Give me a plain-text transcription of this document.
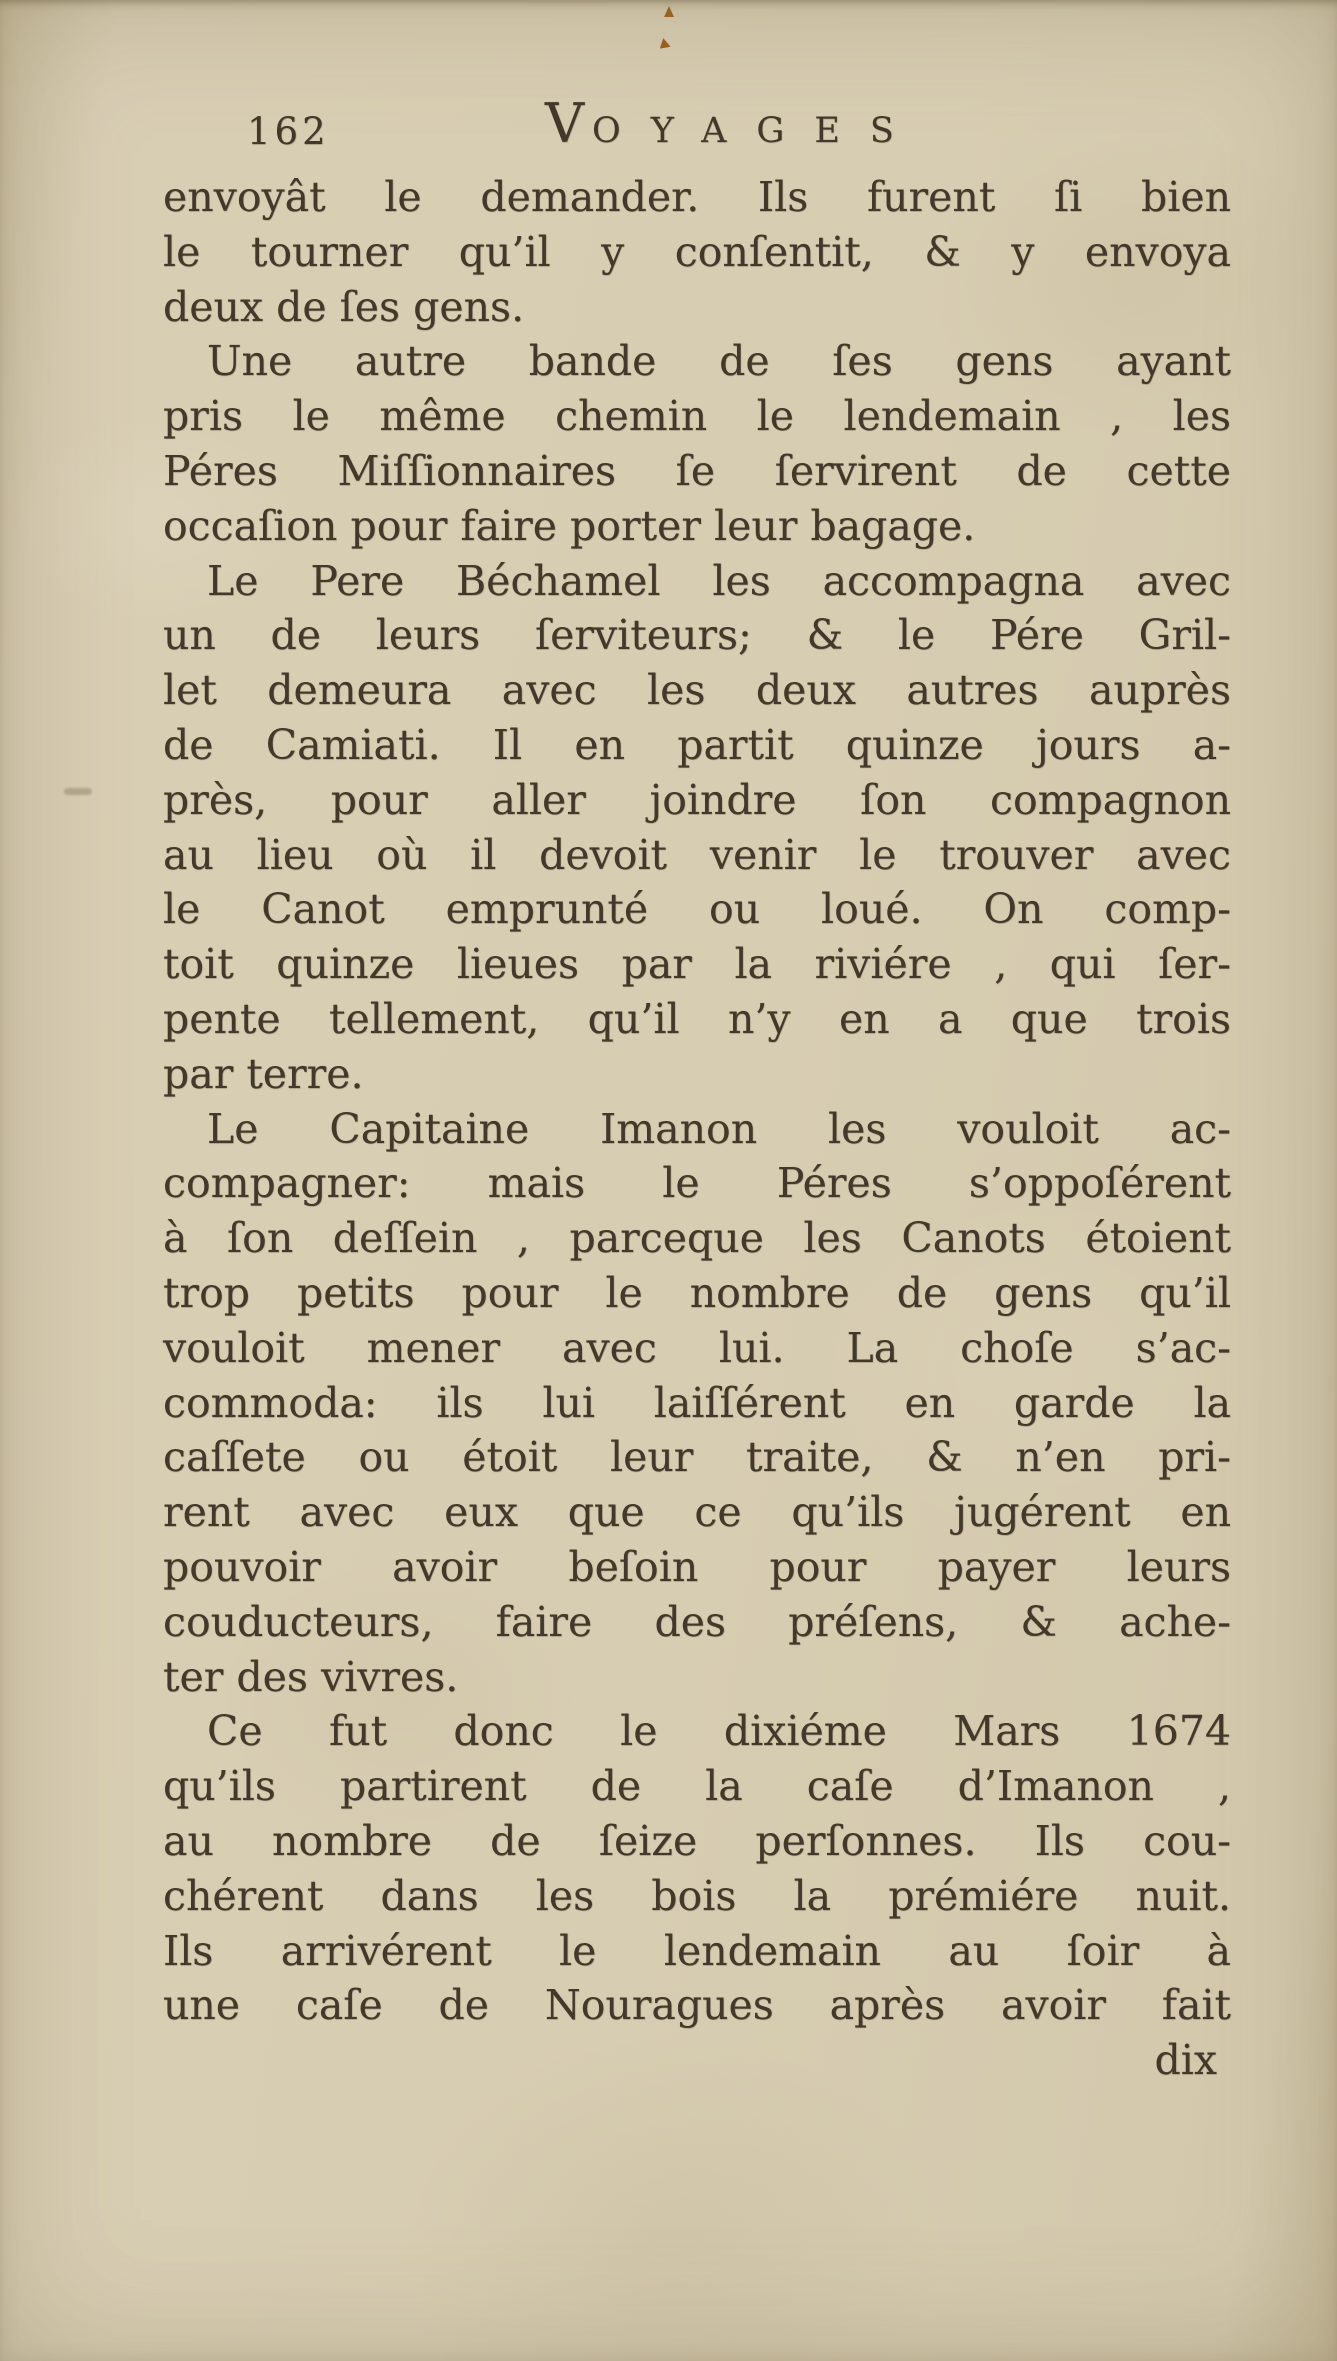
162	VOYAGES
envoyât le demander. Ils furent ſi bien
le tourner qu’il y conſentit, & y envoya
deux de ſes gens.
Une autre bande de ſes gens ayant
pris le même chemin le lendemain , les
Péres Miſſionnaires ſe ſervirent de cette
occaſion pour faire porter leur bagage.
Le Pere Béchamel les accompagna avec
un de leurs ſerviteurs; & le Pére Gril-
let demeura avec les deux autres auprès
de Camiati. Il en partit quinze jours a-
près, pour aller joindre ſon compagnon
au lieu où il devoit venir le trouver avec
le Canot emprunté ou loué. On comp-
toit quinze lieues par la riviére , qui ſer-
pente tellement, qu’il n’y en a que trois
par terre.
Le Capitaine Imanon les vouloit ac-
compagner: mais le Péres s’oppoſérent
à ſon deſſein , parceque les Canots étoient
trop petits pour le nombre de gens qu’il
vouloit mener avec lui. La choſe s’ac-
commoda: ils lui laiſſérent en garde la
caſſete ou étoit leur traite, & n’en pri-
rent avec eux que ce qu’ils jugérent en
pouvoir avoir beſoin pour payer leurs
couducteurs, faire des préſens, & ache-
ter des vivres.
Ce fut donc le dixiéme Mars 1674
qu’ils partirent de la caſe d’Imanon ,
au nombre de ſeize perſonnes. Ils cou-
chérent dans les bois la prémiére nuit.
Ils arrivérent le lendemain au ſoir à
une caſe de Nouragues après avoir fait
dix
